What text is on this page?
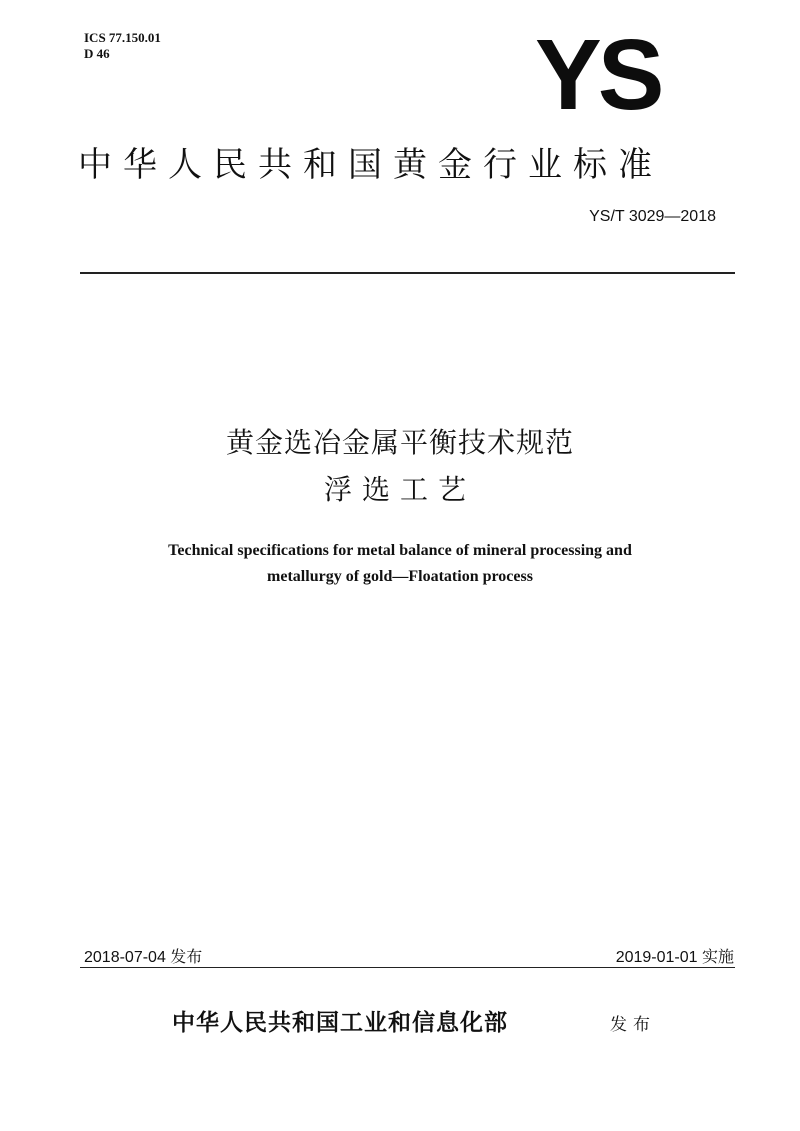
ICS 77.150.01
D 46	YS
中华人民共和国黄金行业标准
YS/T 3029—2018
黄金选冶金属平衡技术规范
浮选工艺
Technical specifications for metal balance of mineral processing and
metallurgy of gold—Floatation process
2018-07-04 发布	2019-01-01 实施
中华人民共和国工业和信息化部	发布
